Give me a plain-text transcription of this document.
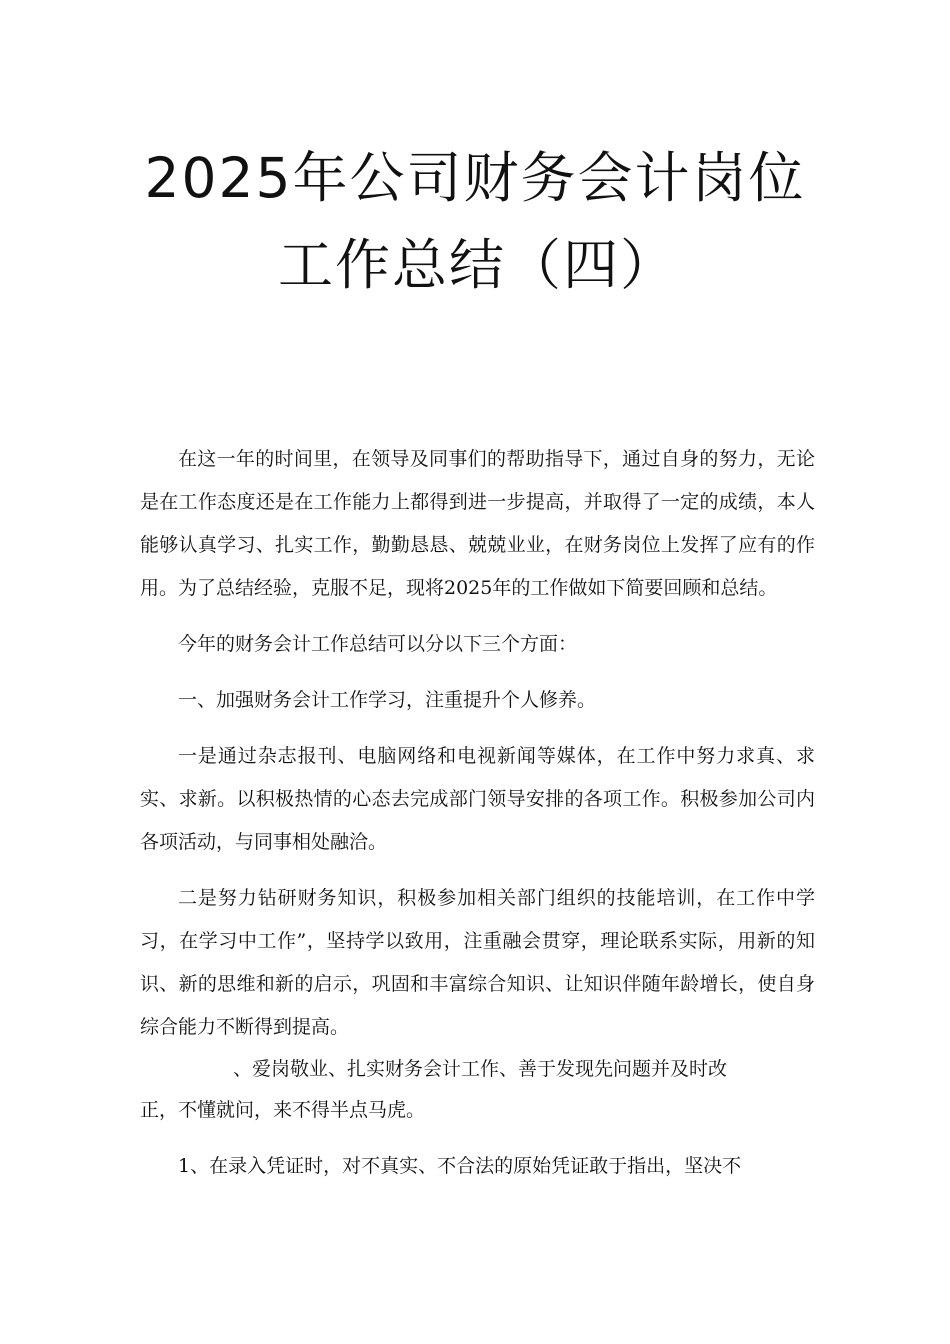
2025年公司财务会计岗位
工作总结（四）

在这一年的时间里，在领导及同事们的帮助指导下，通过自身的努力，无论是在工作态度还是在工作能力上都得到进一步提高，并取得了一定的成绩，本人能够认真学习、扎实工作，勤勤恳恳、兢兢业业，在财务岗位上发挥了应有的作用。为了总结经验，克服不足，现将2025年的工作做如下简要回顾和总结。

今年的财务会计工作总结可以分以下三个方面：

一、加强财务会计工作学习，注重提升个人修养。

一是通过杂志报刊、电脑网络和电视新闻等媒体，在工作中努力求真、求实、求新。以积极热情的心态去完成部门领导安排的各项工作。积极参加公司内各项活动，与同事相处融洽。

二是努力钻研财务知识，积极参加相关部门组织的技能培训，在工作中学习，在学习中工作”，坚持学以致用，注重融会贯穿，理论联系实际，用新的知识、新的思维和新的启示，巩固和丰富综合知识、让知识伴随年龄增长，使自身综合能力不断得到提高。

、爱岗敬业、扎实财务会计工作、善于发现先问题并及时改
正，不懂就问，来不得半点马虎。

1、在录入凭证时，对不真实、不合法的原始凭证敢于指出，坚决不
